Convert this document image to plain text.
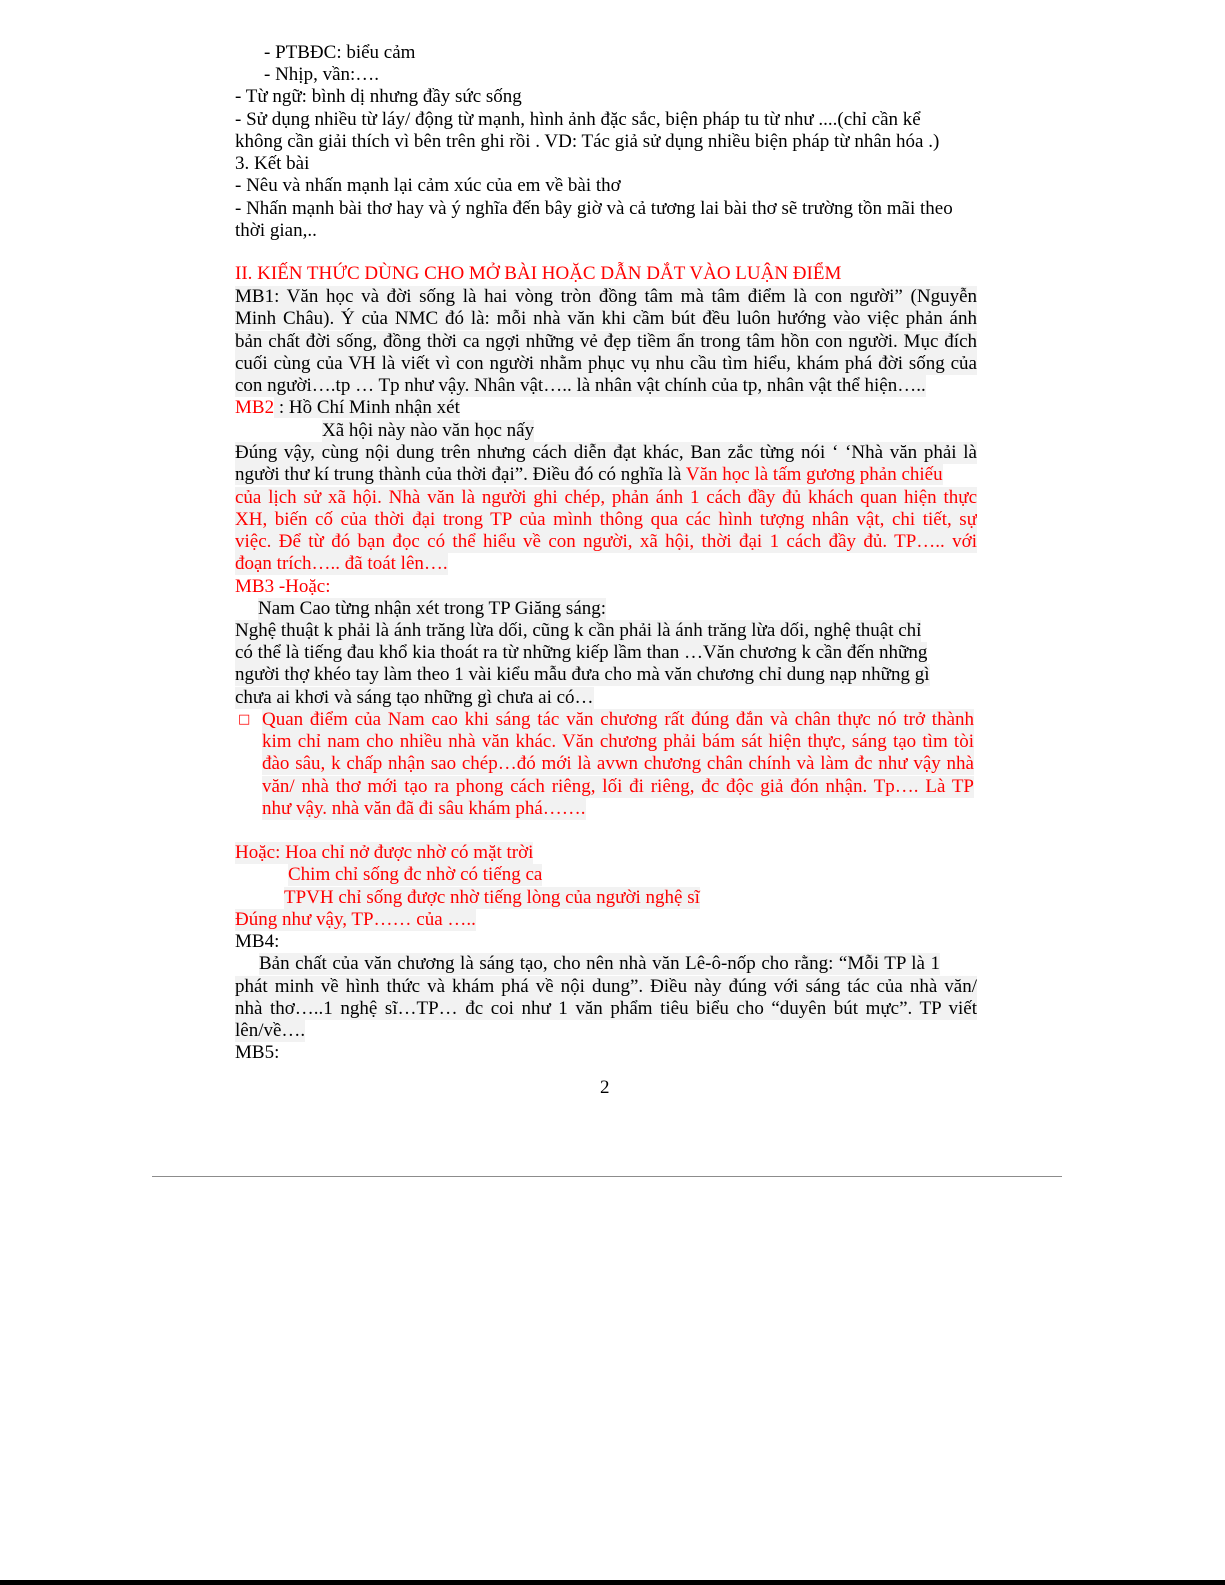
- PTBĐC: biểu cảm
- Nhịp, vần:….
- Từ ngữ: bình dị nhưng đầy sức sống
- Sử dụng nhiều từ láy/ động từ mạnh, hình ảnh đặc sắc, biện pháp tu từ như ....(chỉ cần kể
không cần giải thích vì bên trên ghi rồi . VD: Tác giả sử dụng nhiều biện pháp từ nhân hóa .)
3. Kết bài
- Nêu và nhấn mạnh lại cảm xúc của em về bài thơ
- Nhấn mạnh bài thơ hay và ý nghĩa đến bây giờ và cả tương lai bài thơ sẽ trường tồn mãi theo
thời gian,..
II. KIẾN THỨC DÙNG CHO MỞ BÀI HOẶC DẪN DẮT VÀO LUẬN ĐIỂM
MB1: Văn học và đời sống là hai vòng tròn đồng tâm mà tâm điểm là con người” (Nguyễn
Minh Châu). Ý của NMC đó là: mỗi nhà văn khi cầm bút đều luôn hướng vào việc phản ánh
bản chất đời sống, đồng thời ca ngợi những vẻ đẹp tiềm ẩn trong tâm hồn con người. Mục đích
cuối cùng của VH là viết vì con người nhằm phục vụ nhu cầu tìm hiểu, khám phá đời sống của
con người….tp … Tp như vậy. Nhân vật….. là nhân vật chính của tp, nhân vật thể hiện…..
MB2 : Hồ Chí Minh nhận xét
Xã hội này nào văn học nấy
Đúng vậy, cùng nội dung trên nhưng cách diễn đạt khác, Ban zắc từng nói ‘ ‘Nhà văn phải là
người thư kí trung thành của thời đại”. Điều đó có nghĩa là Văn học là tấm gương phản chiếu
của lịch sử xã hội. Nhà văn là người ghi chép, phản ánh 1 cách đầy đủ khách quan hiện thực
XH, biến cố của thời đại trong TP của mình thông qua các hình tượng nhân vật, chi tiết, sự
việc. Để từ đó bạn đọc có thể hiểu về con người, xã hội, thời đại 1 cách đầy đủ. TP….. với
đoạn trích….. đã toát lên….
MB3 -Hoặc:
Nam Cao từng nhận xét trong TP Giăng sáng:
Nghệ thuật k phải là ánh trăng lừa dối, cũng k cần phải là ánh trăng lừa dối, nghệ thuật chỉ
có thể là tiếng đau khổ kia thoát ra từ những kiếp lầm than …Văn chương k cần đến những
người thợ khéo tay làm theo 1 vài kiểu mẫu đưa cho mà văn chương chỉ dung nạp những gì
chưa ai khơi và sáng tạo những gì chưa ai có…
□ Quan điểm của Nam cao khi sáng tác văn chương rất đúng đắn và chân thực nó trở thành
kim chỉ nam cho nhiều nhà văn khác. Văn chương phải bám sát hiện thực, sáng tạo tìm tòi
đào sâu, k chấp nhận sao chép…đó mới là avwn chương chân chính và làm đc như vậy nhà
văn/ nhà thơ mới tạo ra phong cách riêng, lối đi riêng, đc độc giả đón nhận. Tp…. Là TP
như vậy. nhà văn đã đi sâu khám phá…….
Hoặc: Hoa chỉ nở được nhờ có mặt trời
Chim chỉ sống đc nhờ có tiếng ca
TPVH chỉ sống được nhờ tiếng lòng của người nghệ sĩ
Đúng như vậy, TP…… của …..
MB4:
Bản chất của văn chương là sáng tạo, cho nên nhà văn Lê-ô-nốp cho rằng: “Mỗi TP là 1
phát minh về hình thức và khám phá về nội dung”. Điều này đúng với sáng tác của nhà văn/
nhà thơ…..1 nghệ sĩ…TP… đc coi như 1 văn phẩm tiêu biểu cho “duyên bút mực”. TP viết
lên/về….
MB5:
2
